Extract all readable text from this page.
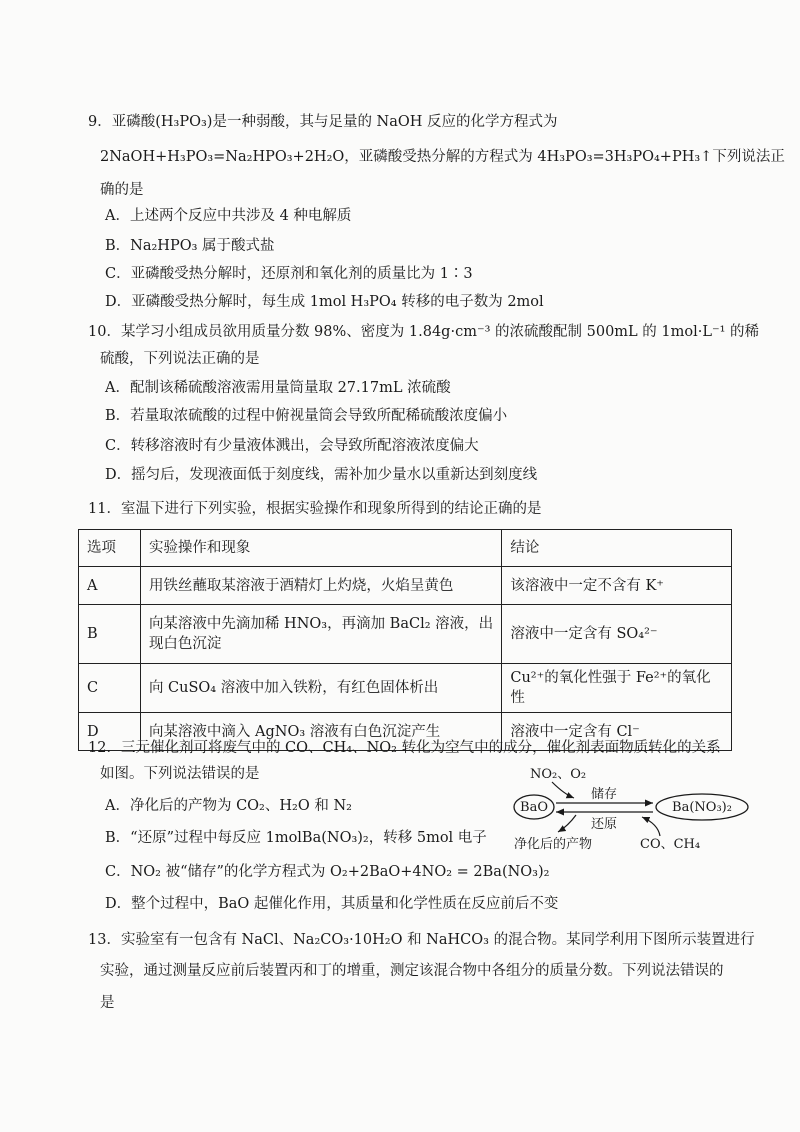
9．亚磷酸(H₃PO₃)是一种弱酸，其与足量的 NaOH 反应的化学方程式为
2NaOH+H₃PO₃=Na₂HPO₃+2H₂O，亚磷酸受热分解的方程式为 4H₃PO₃=3H₃PO₄+PH₃↑下列说法正
确的是
A．上述两个反应中共涉及 4 种电解质
B．Na₂HPO₃ 属于酸式盐
C．亚磷酸受热分解时，还原剂和氧化剂的质量比为 1∶3
D．亚磷酸受热分解时，每生成 1mol H₃PO₄ 转移的电子数为 2mol
10．某学习小组成员欲用质量分数 98%、密度为 1.84g·cm⁻³ 的浓硫酸配制 500mL 的 1mol·L⁻¹ 的稀
硫酸，下列说法正确的是
A．配制该稀硫酸溶液需用量筒量取 27.17mL 浓硫酸
B．若量取浓硫酸的过程中俯视量筒会导致所配稀硫酸浓度偏小
C．转移溶液时有少量液体溅出，会导致所配溶液浓度偏大
D．摇匀后，发现液面低于刻度线，需补加少量水以重新达到刻度线
11．室温下进行下列实验，根据实验操作和现象所得到的结论正确的是
选项	实验操作和现象	结论
A	用铁丝蘸取某溶液于酒精灯上灼烧，火焰呈黄色	该溶液中一定不含有 K⁺
B	向某溶液中先滴加稀 HNO₃，再滴加 BaCl₂ 溶液，出现白色沉淀	溶液中一定含有 SO₄²⁻
C	向 CuSO₄ 溶液中加入铁粉，有红色固体析出	Cu²⁺的氧化性强于 Fe²⁺的氧化性
D	向某溶液中滴入 AgNO₃ 溶液有白色沉淀产生	溶液中一定含有 Cl⁻
12．三元催化剂可将废气中的 CO、CH₄、NO₂ 转化为空气中的成分，催化剂表面物质转化的关系
如图。下列说法错误的是
A．净化后的产物为 CO₂、H₂O 和 N₂
B．“还原”过程中每反应 1molBa(NO₃)₂，转移 5mol 电子
C．NO₂ 被“储存”的化学方程式为 O₂+2BaO+4NO₂ = 2Ba(NO₃)₂
D．整个过程中，BaO 起催化作用，其质量和化学性质在反应前后不变
NO₂、O₂
BaO	Ba(NO₃)₂
储存
还原
净化后的产物	CO、CH₄
13．实验室有一包含有 NaCl、Na₂CO₃·10H₂O 和 NaHCO₃ 的混合物。某同学利用下图所示装置进行
实验，通过测量反应前后装置丙和丁的增重，测定该混合物中各组分的质量分数。下列说法错误的
是
